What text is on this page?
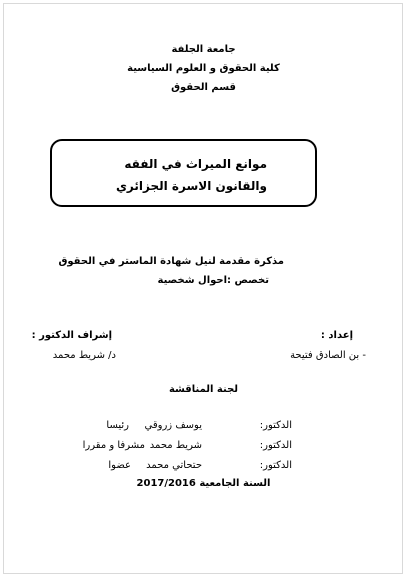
جامعة الجلفة
كلية الحقوق و العلوم السياسية
قسم الحقوق
موانع الميراث في الفقه
والقانون الاسرة الجزائري
مذكرة مقدمة لنيل شهادة الماستر في الحقوق
تخصص :احوال شخصية
إعداد :
- بن الصادق فتيحة
إشراف الدكتور :
د/ شريط محمد
لجنة المناقشة
الدكتور:
يوسف زروقي
رئيسا
الدكتور:
شريط محمد
مشرفا و مقررا
الدكتور:
حتحاتي محمد
عضوا
السنة الجامعية 2017/2016
